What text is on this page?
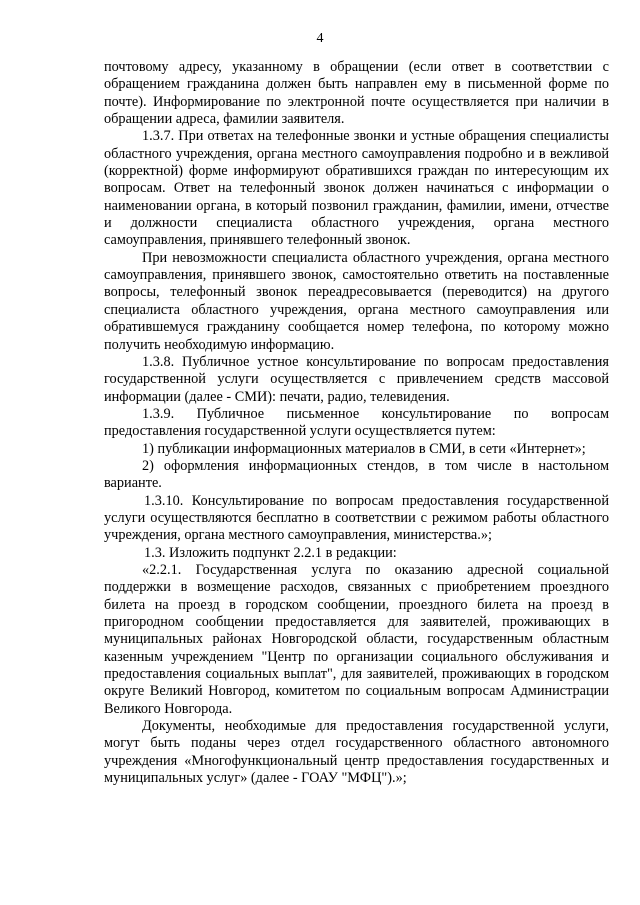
4

почтовому адресу, указанному в обращении (если ответ в соответствии с обращением гражданина должен быть направлен ему в письменной форме по почте). Информирование по электронной почте осуществляется при наличии в обращении адреса, фамилии заявителя.

1.3.7. При ответах на телефонные звонки и устные обращения специалисты областного учреждения, органа местного самоуправления подробно и в вежливой (корректной) форме информируют обратившихся граждан по интересующим их вопросам. Ответ на телефонный звонок должен начинаться с информации о наименовании органа, в который позвонил гражданин, фамилии, имени, отчестве и должности специалиста областного учреждения, органа местного самоуправления, принявшего телефонный звонок.

При невозможности специалиста областного учреждения, органа местного самоуправления, принявшего звонок, самостоятельно ответить на поставленные вопросы, телефонный звонок переадресовывается (переводится) на другого специалиста областного учреждения, органа местного самоуправления или обратившемуся гражданину сообщается номер телефона, по которому можно получить необходимую информацию.

1.3.8. Публичное устное консультирование по вопросам предоставления государственной услуги осуществляется с привлечением средств массовой информации (далее - СМИ): печати, радио, телевидения.

1.3.9. Публичное письменное консультирование по вопросам предоставления государственной услуги осуществляется путем:

1) публикации информационных материалов в СМИ, в сети «Интернет»;

2) оформления информационных стендов, в том числе в настольном варианте.

1.3.10. Консультирование по вопросам предоставления государственной услуги осуществляются бесплатно в соответствии с режимом работы областного учреждения, органа местного самоуправления, министерства.»;

1.3. Изложить подпункт 2.2.1 в редакции:

«2.2.1. Государственная услуга по оказанию адресной социальной поддержки в возмещение расходов, связанных с приобретением проездного билета на проезд в городском сообщении, проездного билета на проезд в пригородном сообщении предоставляется для заявителей, проживающих в муниципальных районах Новгородской области, государственным областным казенным учреждением "Центр по организации социального обслуживания и предоставления социальных выплат", для заявителей, проживающих в городском округе Великий Новгород, комитетом по социальным вопросам Администрации Великого Новгорода.

Документы, необходимые для предоставления государственной услуги, могут быть поданы через отдел государственного областного автономного учреждения «Многофункциональный центр предоставления государственных и муниципальных услуг» (далее - ГОАУ "МФЦ").»;
